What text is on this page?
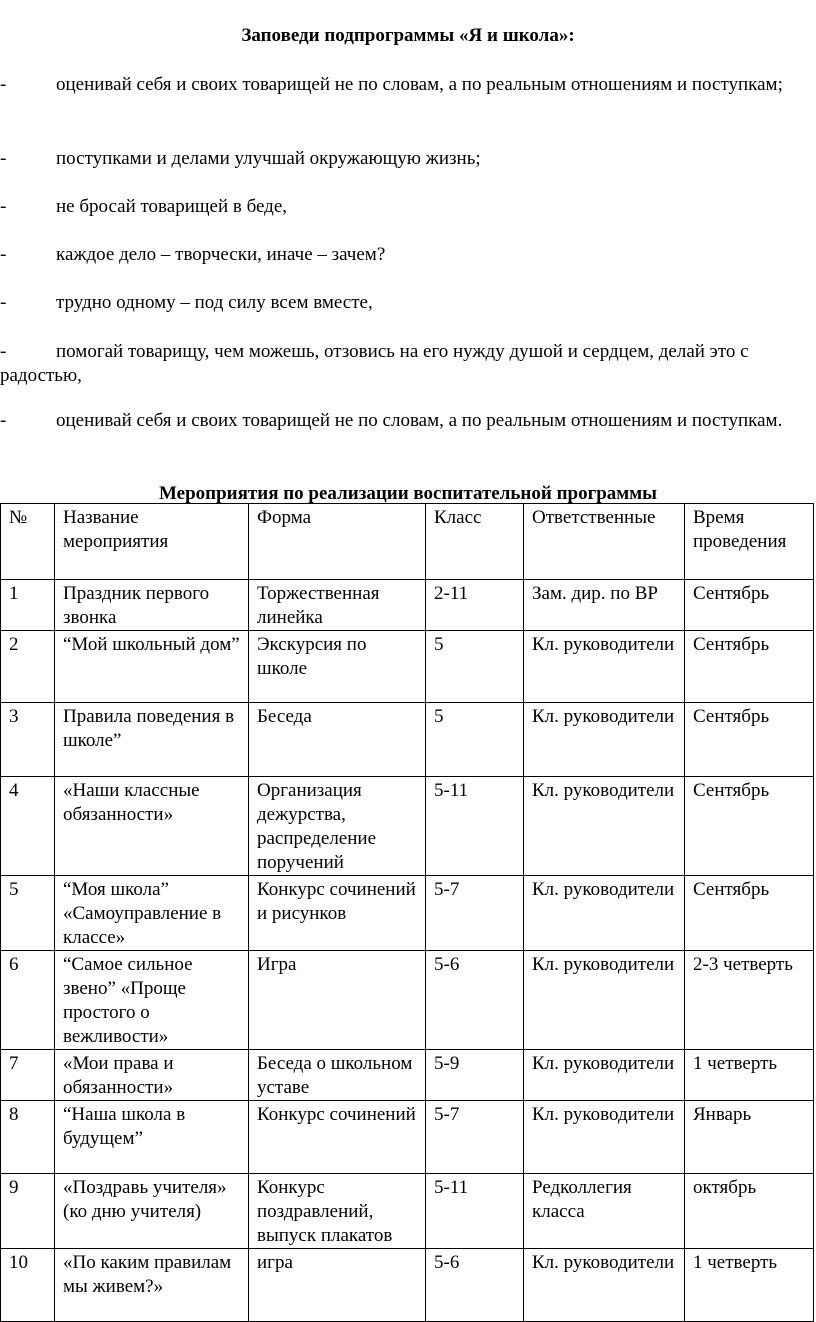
Заповеди подпрограммы «Я и школа»:
-	оценивай себя и своих товарищей не по словам, а по реальным отношениям и поступкам;
-	поступками и делами улучшай окружающую жизнь;
-	не бросай товарищей в беде,
-	каждое дело – творчески, иначе – зачем?
-	трудно одному – под силу всем вместе,
-	помогай товарищу, чем можешь, отзовись на его нужду душой и сердцем, делай это с радостью,
-	оценивай себя и своих товарищей не по словам, а по реальным отношениям и поступкам.
Мероприятия по реализации воспитательной программы
№	Название мероприятия	Форма	Класс	Ответственные	Время проведения
1	Праздник первого звонка	Торжественная линейка	2-11	Зам. дир. по ВР	Сентябрь
2	“Мой школьный дом”	Экскурсия по школе	5	Кл. руководители	Сентябрь
3	Правила поведения в школе”	Беседа	5	Кл. руководители	Сентябрь
4	«Наши классные обязанности»	Организация дежурства, распределение поручений	5-11	Кл. руководители	Сентябрь
5	“Моя школа” «Самоуправление в классе»	Конкурс сочинений и рисунков	5-7	Кл. руководители	Сентябрь
6	“Самое сильное звено” «Проще простого о вежливости»	Игра	5-6	Кл. руководители	2-3 четверть
7	«Мои права и обязанности»	Беседа о школьном уставе	5-9	Кл. руководители	1 четверть
8	“Наша школа в будущем”	Конкурс сочинений	5-7	Кл. руководители	Январь
9	«Поздравь учителя» (ко дню учителя)	Конкурс поздравлений, выпуск плакатов	5-11	Редколлегия класса	октябрь
10	«По каким правилам мы живем?»	игра	5-6	Кл. руководители	1 четверть
